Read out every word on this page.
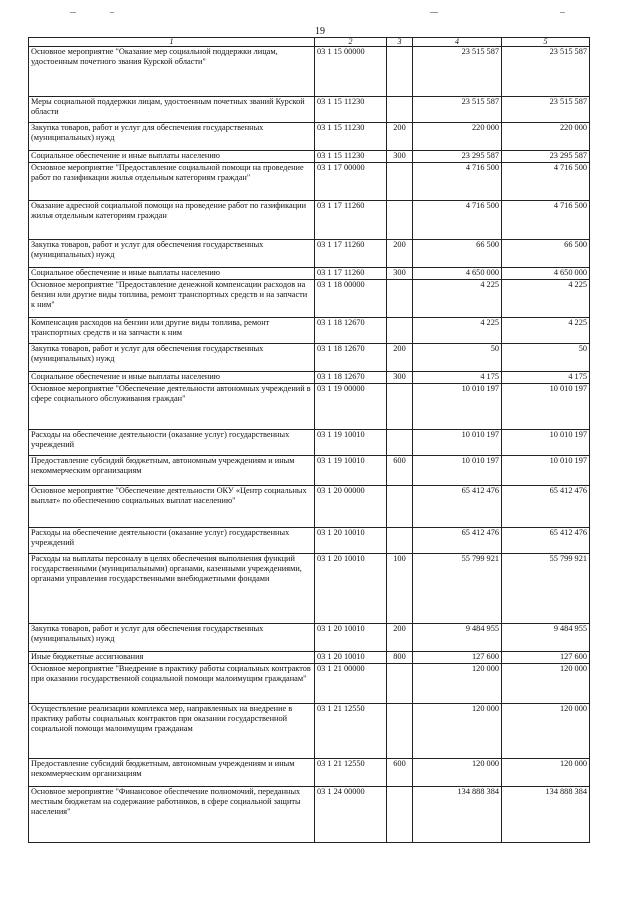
19
1	2	3	4	5
Основное мероприятие "Оказание мер социальной поддержки лицам, удостоенным почетного звания Курской области"	03 1 15 00000		23 515 587	23 515 587
Меры социальной поддержки лицам, удостоенным почетных званий Курской области	03 1 15 11230		23 515 587	23 515 587
Закупка товаров, работ и услуг для обеспечения государственных (муниципальных) нужд	03 1 15 11230	200	220 000	220 000
Социальное обеспечение и иные выплаты населению	03 1 15 11230	300	23 295 587	23 295 587
Основное мероприятие "Предоставление социальной помощи на проведение работ по газификации жилья отдельным категориям граждан"	03 1 17 00000		4 716 500	4 716 500
Оказание адресной социальной помощи на проведение работ по газификации жилья отдельным категориям граждан	03 1 17 11260		4 716 500	4 716 500
Закупка товаров, работ и услуг для обеспечения государственных (муниципальных) нужд	03 1 17 11260	200	66 500	66 500
Социальное обеспечение и иные выплаты населению	03 1 17 11260	300	4 650 000	4 650 000
Основное мероприятие "Предоставление денежной компенсации расходов на бензин или другие виды топлива, ремонт транспортных средств и на запчасти к ним"	03 1 18 00000		4 225	4 225
Компенсация расходов на бензин или другие виды топлива, ремонт транспортных средств и на запчасти к ним	03 1 18 12670		4 225	4 225
Закупка товаров, работ и услуг для обеспечения государственных (муниципальных) нужд	03 1 18 12670	200	50	50
Социальное обеспечение и иные выплаты населению	03 1 18 12670	300	4 175	4 175
Основное мероприятие "Обеспечение деятельности автономных учреждений в сфере социального обслуживания граждан"	03 1 19 00000		10 010 197	10 010 197
Расходы на обеспечение деятельности (оказание услуг) государственных учреждений	03 1 19 10010		10 010 197	10 010 197
Предоставление субсидий бюджетным, автономным учреждениям и иным некоммерческим организациям	03 1 19 10010	600	10 010 197	10 010 197
Основное мероприятие "Обеспечение деятельности ОКУ «Центр социальных выплат» по обеспечению социальных выплат населению"	03 1 20 00000		65 412 476	65 412 476
Расходы на обеспечение деятельности (оказание услуг) государственных учреждений	03 1 20 10010		65 412 476	65 412 476
Расходы на выплаты персоналу в целях обеспечения выполнения функций государственными (муниципальными) органами, казенными учреждениями, органами управления государственными внебюджетными фондами	03 1 20 10010	100	55 799 921	55 799 921
Закупка товаров, работ и услуг для обеспечения государственных (муниципальных) нужд	03 1 20 10010	200	9 484 955	9 484 955
Иные бюджетные ассигнования	03 1 20 10010	800	127 600	127 600
Основное мероприятие "Внедрение в практику работы социальных контрактов при оказании государственной социальной помощи малоимущим гражданам"	03 1 21 00000		120 000	120 000
Осуществление реализации комплекса мер, направленных на внедрение в практику работы социальных контрактов при оказании государственной социальной помощи малоимущим гражданам	03 1 21 12550		120 000	120 000
Предоставление субсидий бюджетным, автономным учреждениям и иным некоммерческим организациям	03 1 21 12550	600	120 000	120 000
Основное мероприятие "Финансовое обеспечение полномочий, переданных местным бюджетам на содержание работников, в сфере социальной защиты населения"	03 1 24 00000		134 888 384	134 888 384
